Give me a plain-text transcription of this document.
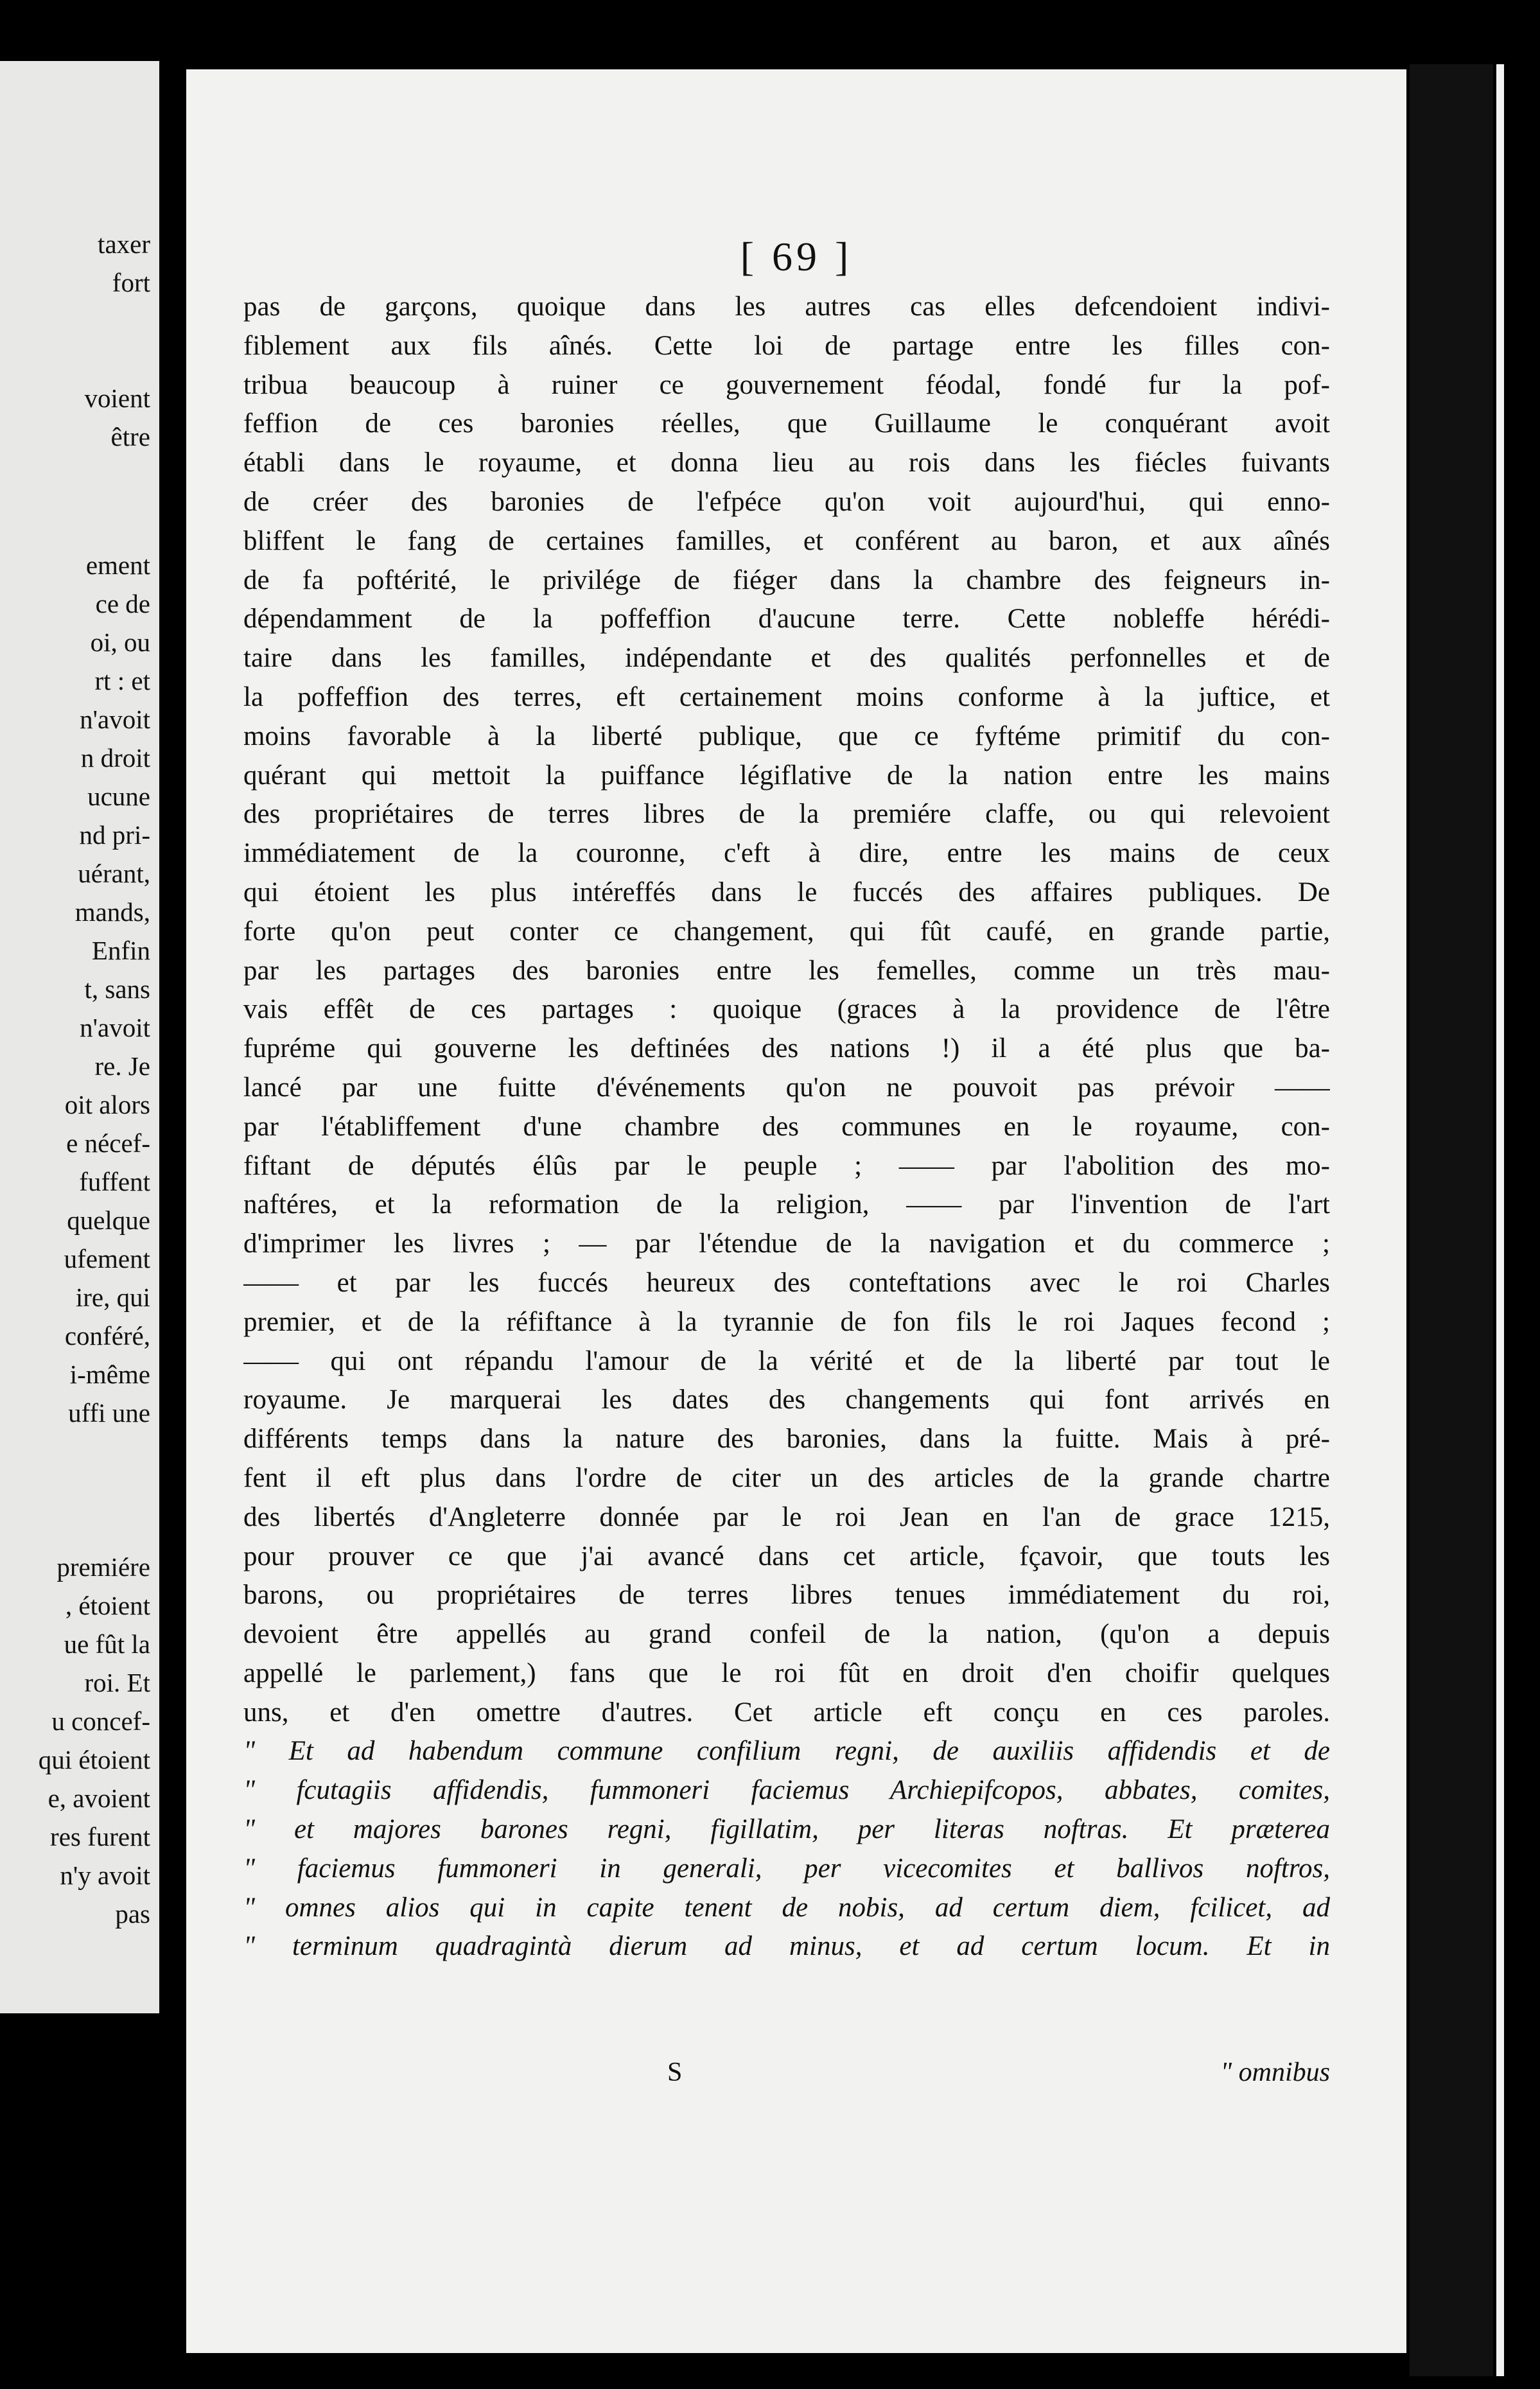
taxer
fort
voient
être
ement
ce de
oi, ou
rt : et
n'avoit
n droit
ucune
nd pri-
uérant,
mands,
Enfin
t, sans
n'avoit
re. Je
oit alors
e nécef-
fuffent
quelque
ufement
ire, qui
conféré,
i-même
uffi une
premiére
, étoient
ue fût la
roi. Et
u concef-
qui étoient
e, avoient
res furent
n'y avoit
pas
[ 69 ]
pas de garçons, quoique dans les autres cas elles defcendoient indivi-
fiblement aux fils aînés. Cette loi de partage entre les filles con-
tribua beaucoup à ruiner ce gouvernement féodal, fondé fur la pof-
feffion de ces baronies réelles, que Guillaume le conquérant avoit
établi dans le royaume, et donna lieu au rois dans les fiécles fuivants
de créer des baronies de l'efpéce qu'on voit aujourd'hui, qui enno-
bliffent le fang de certaines familles, et conférent au baron, et aux aînés
de fa poftérité, le privilége de fiéger dans la chambre des feigneurs in-
dépendamment de la poffeffion d'aucune terre. Cette nobleffe hérédi-
taire dans les familles, indépendante et des qualités perfonnelles et de
la poffeffion des terres, eft certainement moins conforme à la juftice, et
moins favorable à la liberté publique, que ce fyftéme primitif du con-
quérant qui mettoit la puiffance légiflative de la nation entre les mains
des propriétaires de terres libres de la premiére claffe, ou qui relevoient
immédiatement de la couronne, c'eft à dire, entre les mains de ceux
qui étoient les plus intéreffés dans le fuccés des affaires publiques. De
forte qu'on peut conter ce changement, qui fût caufé, en grande partie,
par les partages des baronies entre les femelles, comme un très mau-
vais effêt de ces partages : quoique (graces à la providence de l'être
fupréme qui gouverne les deftinées des nations !) il a été plus que ba-
lancé par une fuitte d'événements qu'on ne pouvoit pas prévoir ——
par l'établiffement d'une chambre des communes en le royaume, con-
fiftant de députés élûs par le peuple ; —— par l'abolition des mo-
naftéres, et la reformation de la religion, —— par l'invention de l'art
d'imprimer les livres ; — par l'étendue de la navigation et du commerce ;
—— et par les fuccés heureux des conteftations avec le roi Charles
premier, et de la réfiftance à la tyrannie de fon fils le roi Jaques fecond ;
—— qui ont répandu l'amour de la vérité et de la liberté par tout le
royaume. Je marquerai les dates des changements qui font arrivés en
différents temps dans la nature des baronies, dans la fuitte. Mais à pré-
fent il eft plus dans l'ordre de citer un des articles de la grande chartre
des libertés d'Angleterre donnée par le roi Jean en l'an de grace 1215,
pour prouver ce que j'ai avancé dans cet article, fçavoir, que touts les
barons, ou propriétaires de terres libres tenues immédiatement du roi,
devoient être appellés au grand confeil de la nation, (qu'on a depuis
appellé le parlement,) fans que le roi fût en droit d'en choifir quelques
uns, et d'en omettre d'autres. Cet article eft conçu en ces paroles.
" Et ad habendum commune confilium regni, de auxiliis affidendis et de
" fcutagiis affidendis, fummoneri faciemus Archiepifcopos, abbates, comites,
" et majores barones regni, figillatim, per literas noftras. Et præterea
" faciemus fummoneri in generali, per vicecomites et ballivos noftros,
" omnes alios qui in capite tenent de nobis, ad certum diem, fcilicet, ad
" terminum quadragintà dierum ad minus, et ad certum locum. Et in
S	" omnibus
